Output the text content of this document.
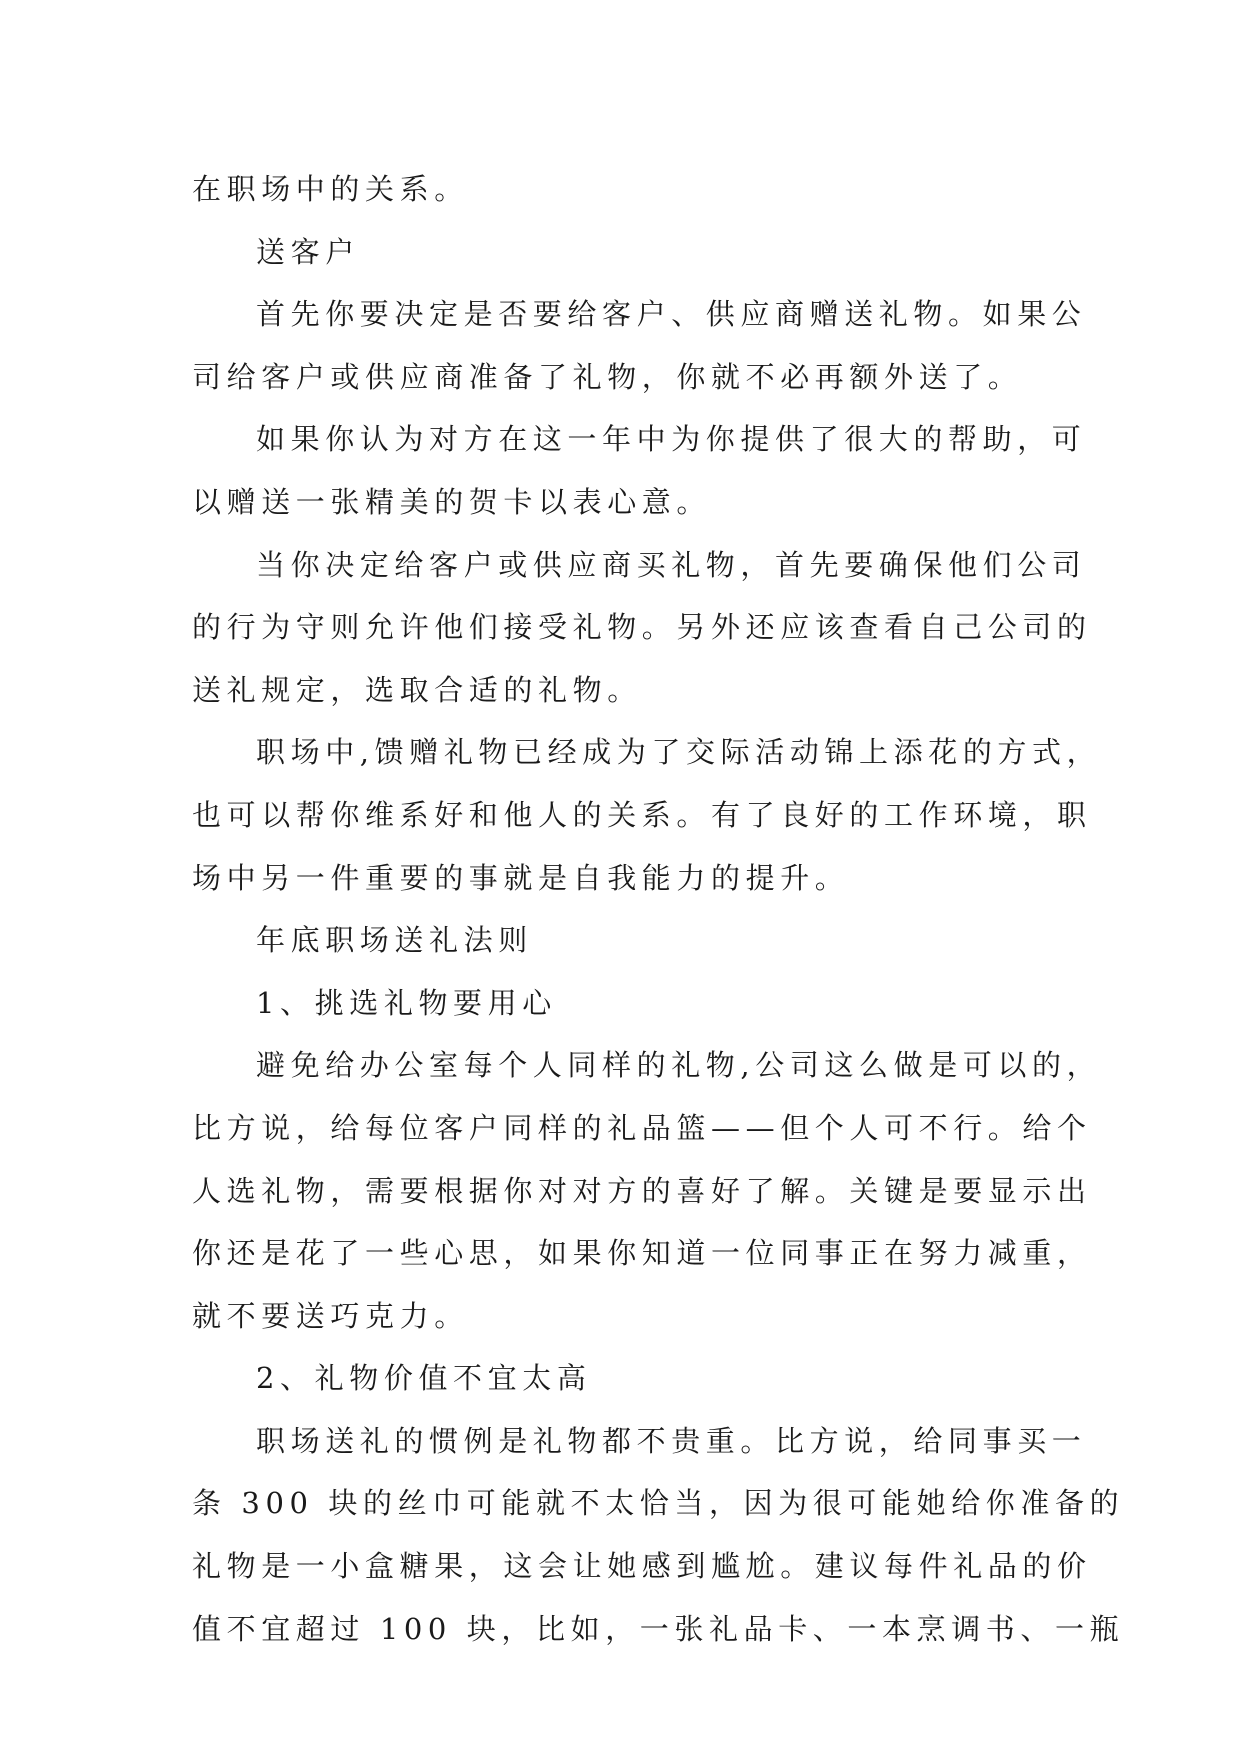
在职场中的关系。
送客户
首先你要决定是否要给客户、供应商赠送礼物。如果公
司给客户或供应商准备了礼物，你就不必再额外送了。
如果你认为对方在这一年中为你提供了很大的帮助，可
以赠送一张精美的贺卡以表心意。
当你决定给客户或供应商买礼物，首先要确保他们公司
的行为守则允许他们接受礼物。另外还应该查看自己公司的
送礼规定，选取合适的礼物。
职场中,馈赠礼物已经成为了交际活动锦上添花的方式，
也可以帮你维系好和他人的关系。有了良好的工作环境，职
场中另一件重要的事就是自我能力的提升。
年底职场送礼法则
1、挑选礼物要用心
避免给办公室每个人同样的礼物,公司这么做是可以的，
比方说，给每位客户同样的礼品篮——但个人可不行。给个
人选礼物，需要根据你对对方的喜好了解。关键是要显示出
你还是花了一些心思，如果你知道一位同事正在努力减重，
就不要送巧克力。
2、礼物价值不宜太高
职场送礼的惯例是礼物都不贵重。比方说，给同事买一
条 300 块的丝巾可能就不太恰当，因为很可能她给你准备的
礼物是一小盒糖果，这会让她感到尴尬。建议每件礼品的价
值不宜超过 100 块，比如，一张礼品卡、一本烹调书、一瓶
